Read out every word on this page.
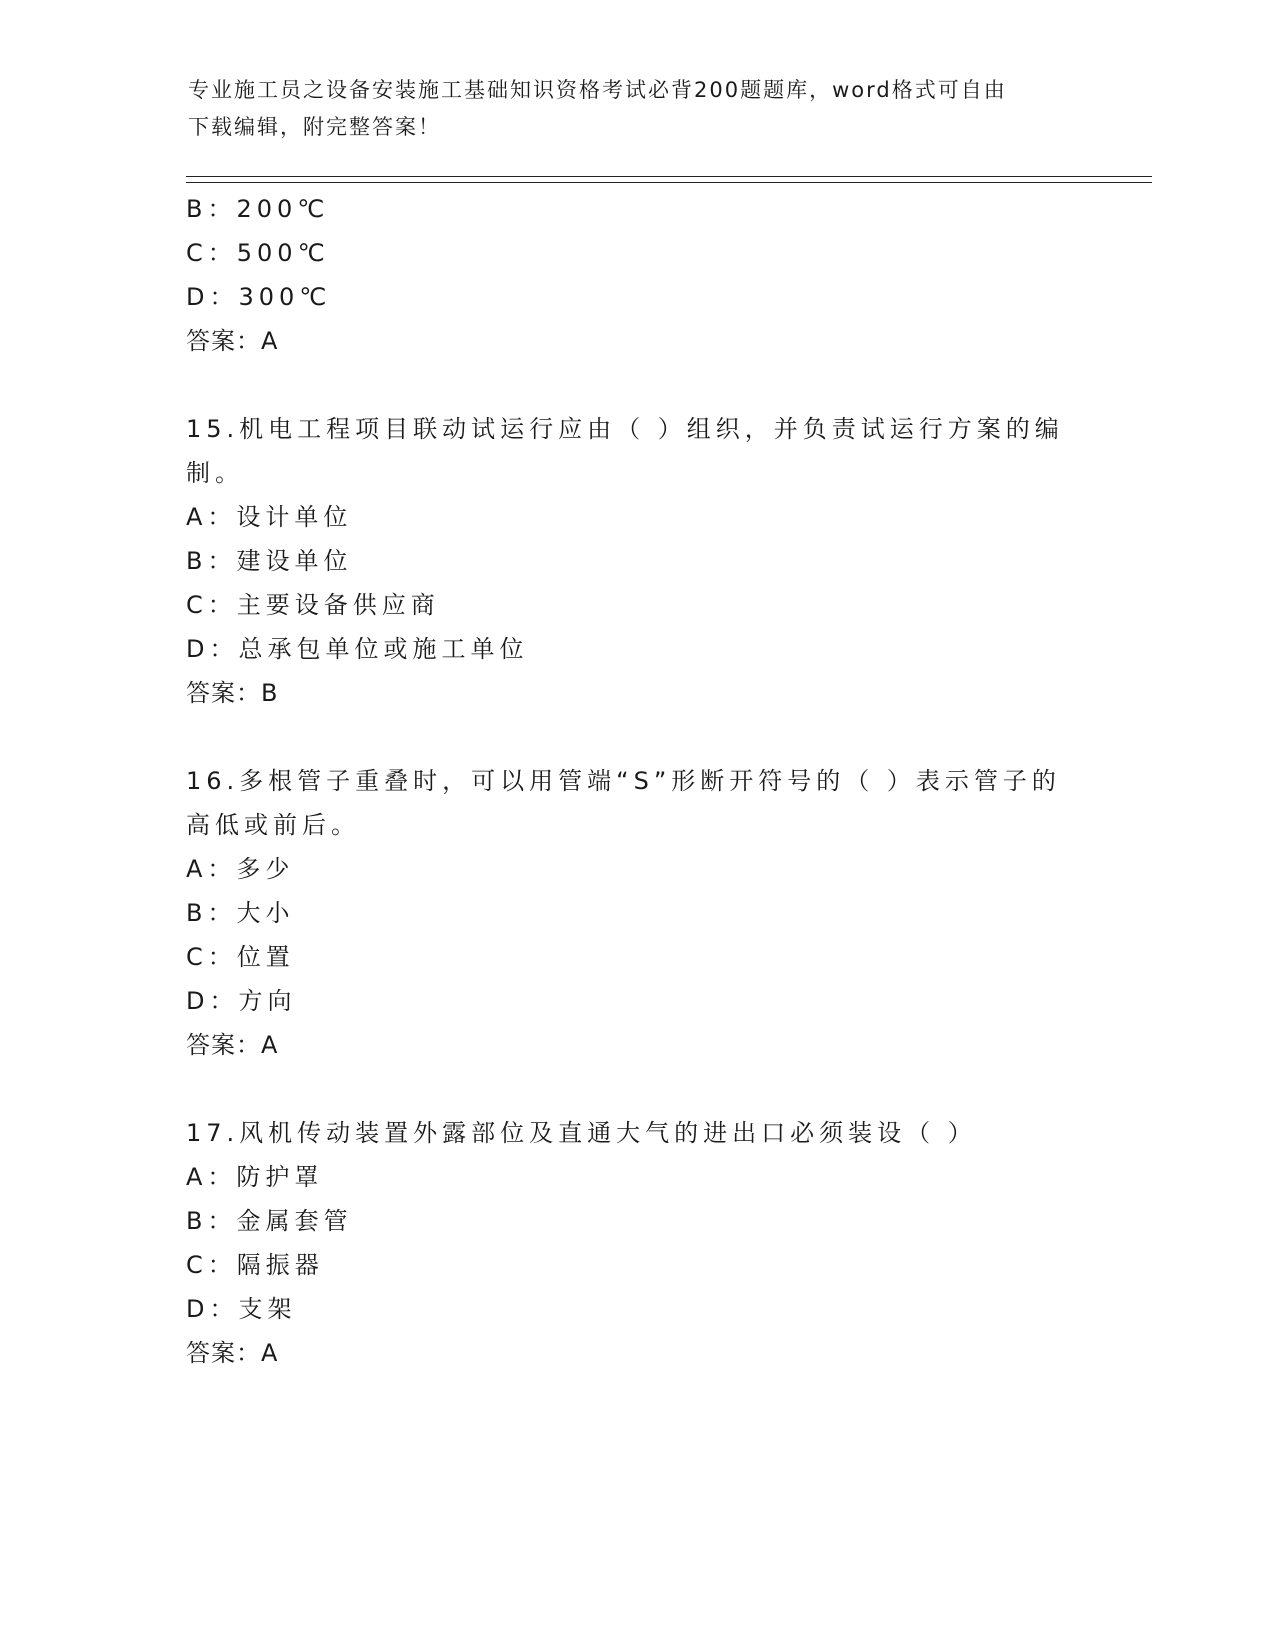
专业施工员之设备安装施工基础知识资格考试必背200题题库，word格式可自由
下载编辑，附完整答案！
B：200℃
C：500℃
D：300℃
答案：A
15.机电工程项目联动试运行应由（ ）组织，并负责试运行方案的编
制。
A：设计单位
B：建设单位
C：主要设备供应商
D：总承包单位或施工单位
答案：B
16.多根管子重叠时，可以用管端“S”形断开符号的（ ）表示管子的
高低或前后。
A：多少
B：大小
C：位置
D：方向
答案：A
17.风机传动装置外露部位及直通大气的进出口必须装设（ ）
A：防护罩
B：金属套管
C：隔振器
D：支架
答案：A
